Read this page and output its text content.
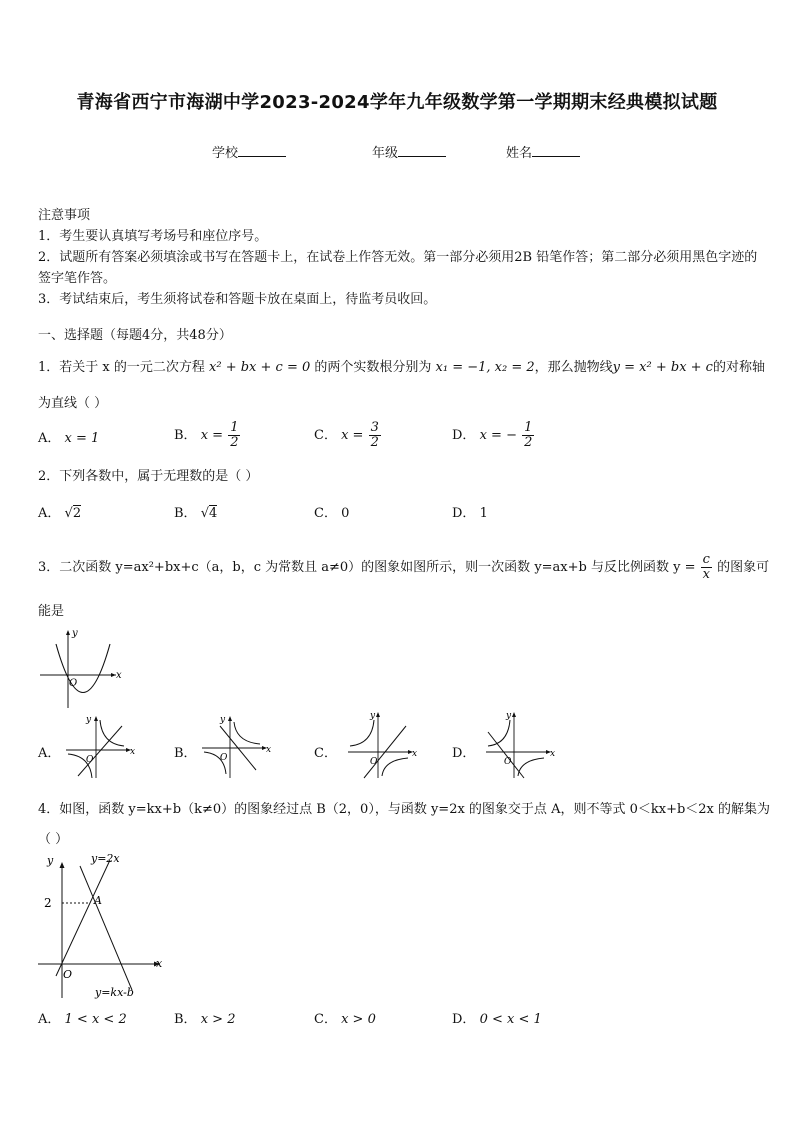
青海省西宁市海湖中学2023-2024学年九年级数学第一学期期末经典模拟试题
学校	年级	姓名
注意事项
1．考生要认真填写考场号和座位序号。
2．试题所有答案必须填涂或书写在答题卡上，在试卷上作答无效。第一部分必须用2B 铅笔作答；第二部分必须用黑色字迹的签字笔作答。
3．考试结束后，考生须将试卷和答题卡放在桌面上，待监考员收回。
一、选择题（每题4分，共48分）
1．若关于 x 的一元二次方程 x² + bx + c = 0 的两个实数根分别为 x₁ = −1, x₂ = 2，那么抛物线y = x² + bx + c的对称轴
为直线（ ）
A． x = 1	B． $x = \frac{1}{2}$	C． $x = \frac{3}{2}$	D． x = − $\frac{1}{2}$
2．下列各数中，属于无理数的是（ ）
A． √2	B． √4	C． 0	D． 1
3．二次函数 y=ax²+bx+c（a，b，c 为常数且 a≠0）的图象如图所示，则一次函数 y=ax+b 与反比例函数 $y = \frac{c}{x}$ 的图象可
能是
x
y
O
A．	B．	C．	D．
x
y
O
x
y
O	x
y
O
x
y
O
4．如图，函数 y=kx+b（k≠0）的图象经过点 B（2，0），与函数 y=2x 的图象交于点 A，则不等式 0＜kx+b＜2x 的解集为
（ ）
y=2x
y=kx-b
A
2
x
y
O
A． 1 < x < 2	B． x > 2	C． x > 0	D． 0 < x < 1
